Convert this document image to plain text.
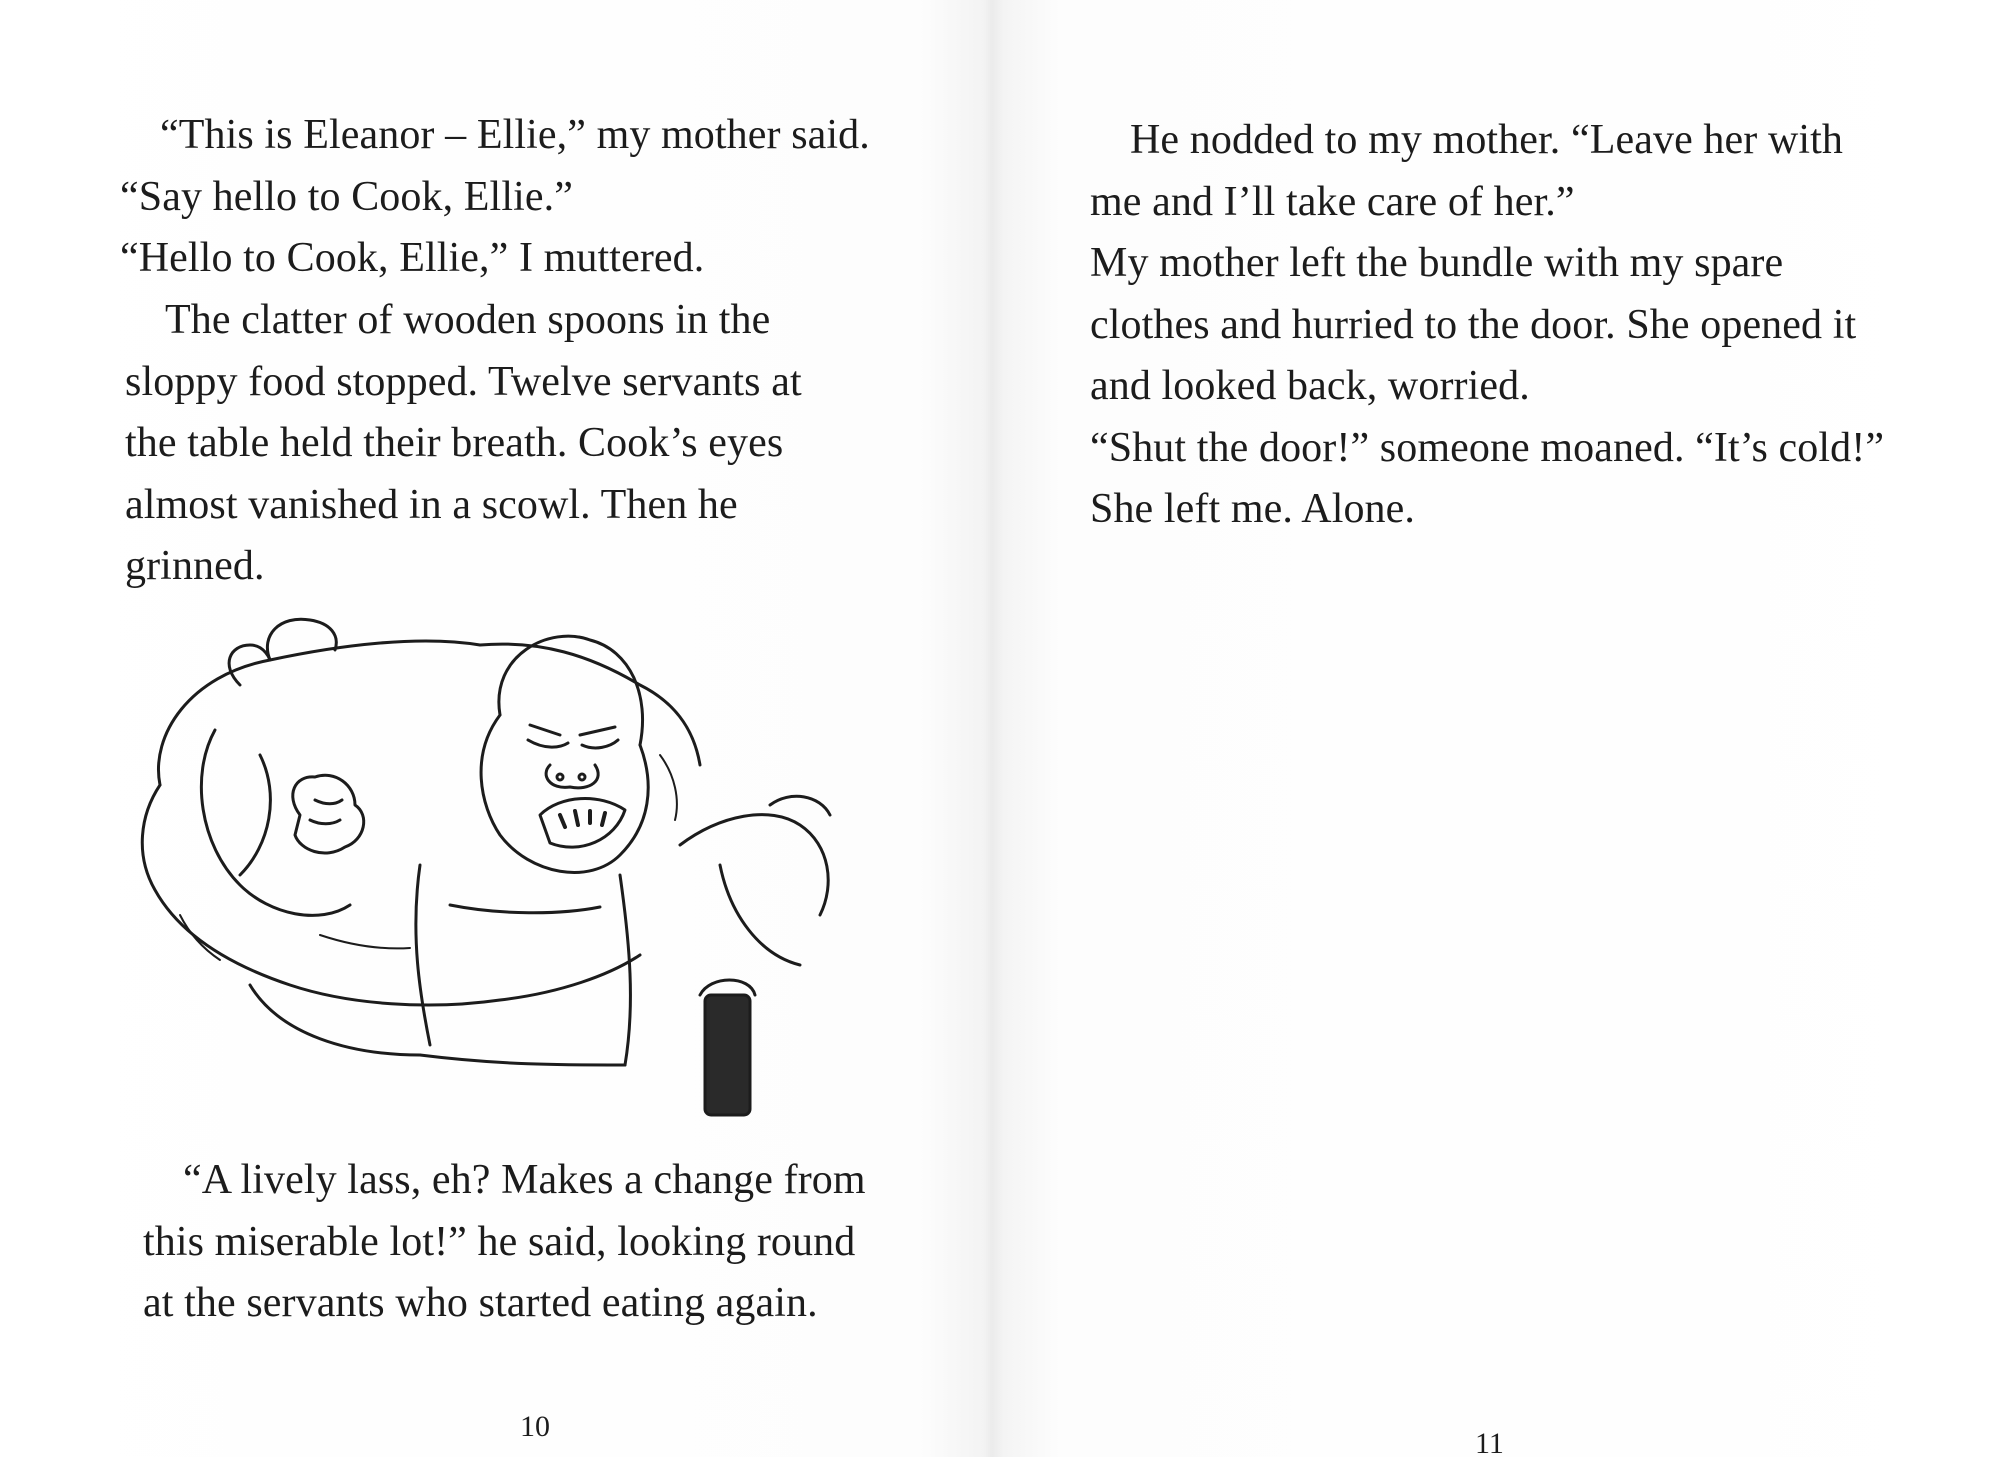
“This is Eleanor – Ellie,” my mother said. “Say hello to Cook, Ellie.”
“Hello to Cook, Ellie,” I muttered.

The clatter of wooden spoons in the sloppy food stopped. Twelve servants at the table held their breath. Cook’s eyes almost vanished in a scowl. Then he grinned.

“A lively lass, eh? Makes a change from this miserable lot!” he said, looking round at the servants who started eating again.

10

He nodded to my mother. “Leave her with me and I’ll take care of her.”
My mother left the bundle with my spare clothes and hurried to the door. She opened it and looked back, worried.
“Shut the door!” someone moaned. “It’s cold!”
She left me. Alone.

11
